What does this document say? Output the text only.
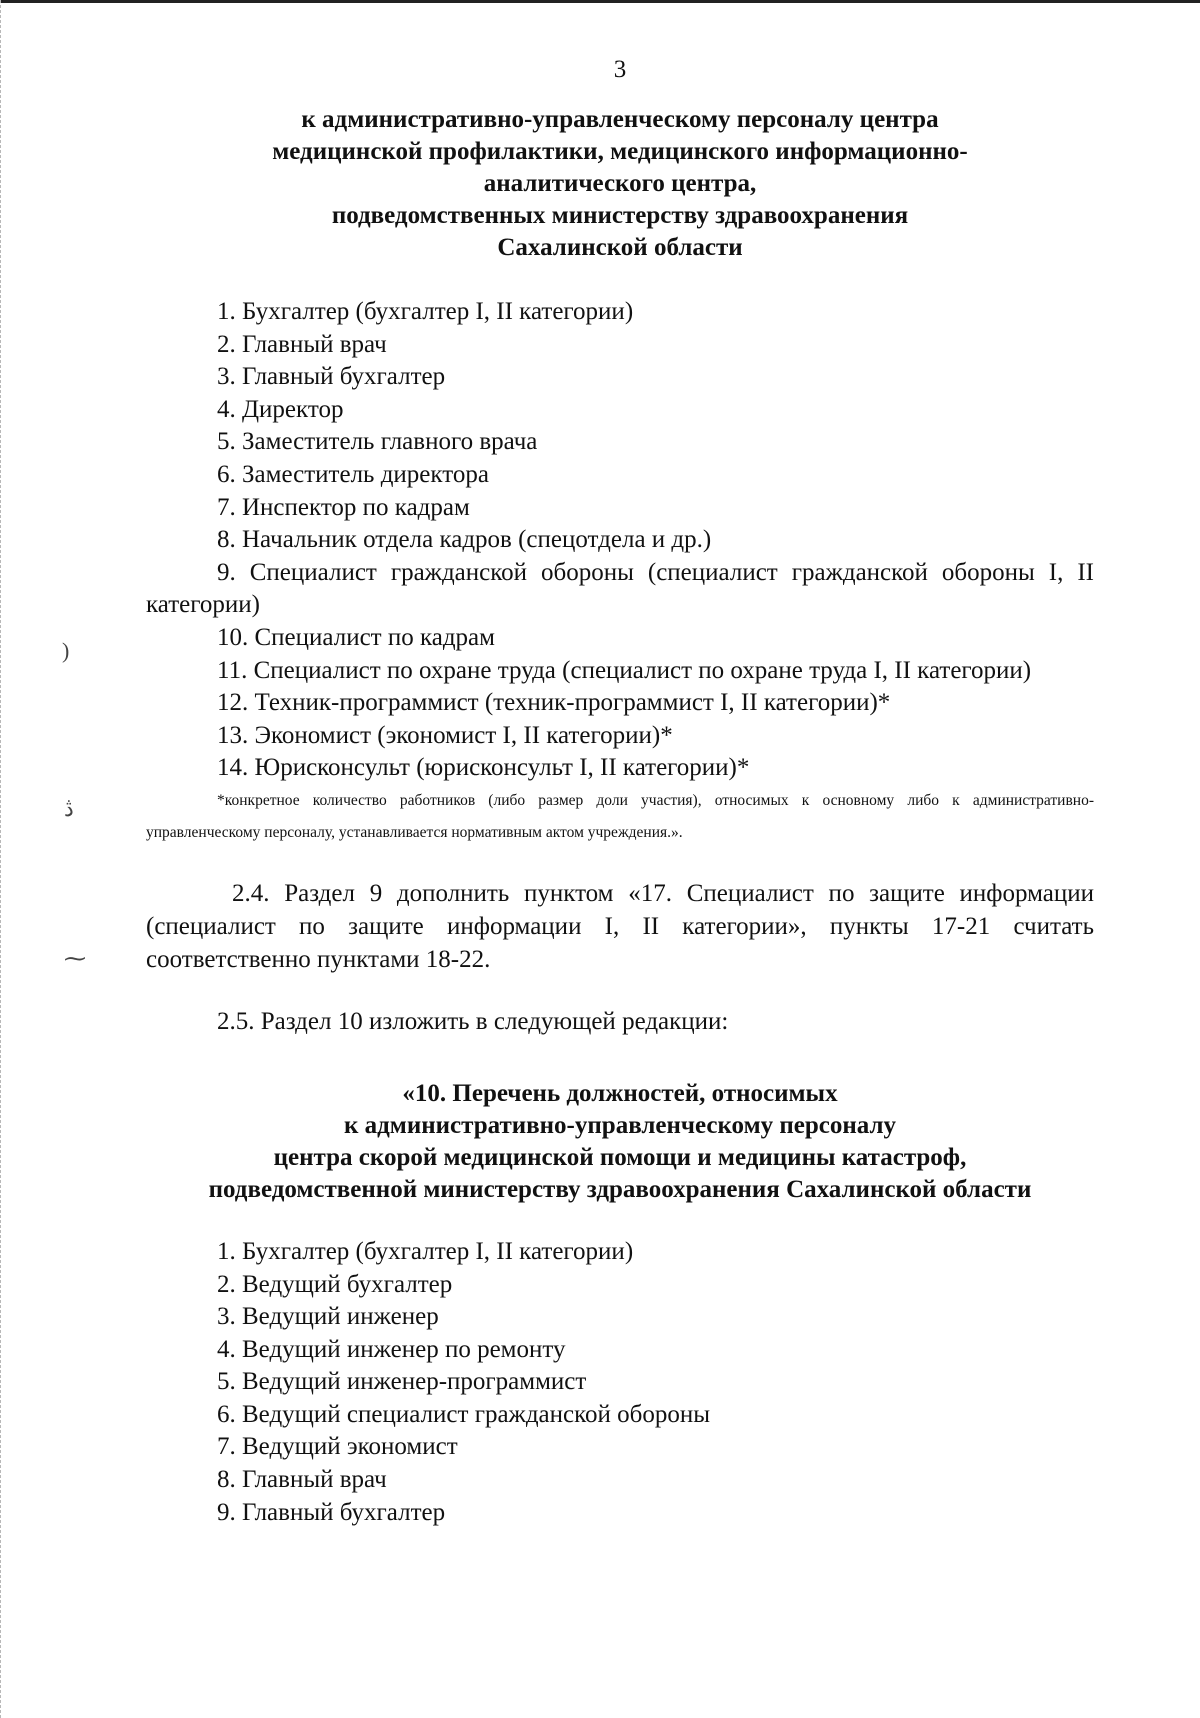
)
ڎ
⁓
3
к административно-управленческому персоналу центра
медицинской профилактики, медицинского информационно-
аналитического центра,
подведомственных министерству здравоохранения
Сахалинской области
1. Бухгалтер (бухгалтер I, II категории)
2. Главный врач
3. Главный бухгалтер
4. Директор
5. Заместитель главного врача
6. Заместитель директора
7. Инспектор по кадрам
8. Начальник отдела кадров (спецотдела и др.)
9. Специалист гражданской обороны (специалист гражданской обороны I, II категории)
10. Специалист по кадрам
11. Специалист по охране труда (специалист по охране труда I, II категории)
12. Техник-программист (техник-программист I, II категории)*
13. Экономист (экономист I, II категории)*
14. Юрисконсульт (юрисконсульт I, II категории)*

*конкретное количество работников (либо размер доли участия), относимых к основному либо к административно-управленческому персоналу, устанавливается нормативным актом учреждения.».

2.4. Раздел 9 дополнить пунктом «17. Специалист по защите информации (специалист по защите информации I, II категории», пункты 17-21 считать соответственно пунктами 18-22.

2.5. Раздел 10 изложить в следующей редакции:

«10. Перечень должностей, относимых
к административно-управленческому персоналу
центра скорой медицинской помощи и медицины катастроф,
подведомственной министерству здравоохранения Сахалинской области
1. Бухгалтер (бухгалтер I, II категории)
2. Ведущий бухгалтер
3. Ведущий инженер
4. Ведущий инженер по ремонту
5. Ведущий инженер-программист
6. Ведущий специалист гражданской обороны
7. Ведущий экономист
8. Главный врач
9. Главный бухгалтер
